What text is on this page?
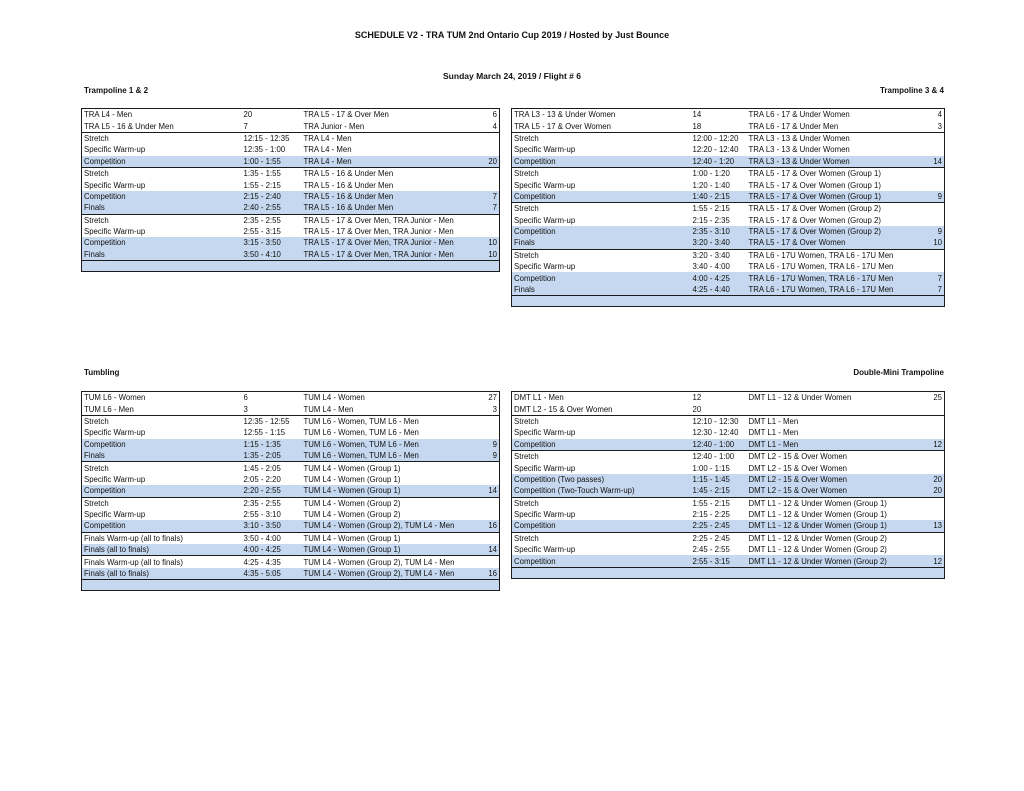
SCHEDULE V2 - TRA TUM 2nd Ontario Cup 2019 / Hosted by Just Bounce
Sunday March 24, 2019 / Flight # 6
Trampoline 1 & 2	Trampoline 3 & 4
Tumbling	Double-Mini Trampoline
TRA L4 - Men	20	TRA L5 - 17 & Over Men	6
TRA L5 - 16 & Under Men	7	TRA Junior - Men	4
Stretch	12:15 - 12:35	TRA L4 - Men	
Specific Warm-up	12:35 - 1:00	TRA L4 - Men	
Competition	1:00 - 1:55	TRA L4 - Men	20
Stretch	1:35 - 1:55	TRA L5 - 16 & Under Men	
Specific Warm-up	1:55 - 2:15	TRA L5 - 16 & Under Men	
Competition	2:15 - 2:40	TRA L5 - 16 & Under Men	7
Finals	2:40 - 2:55	TRA L5 - 16 & Under Men	7
Stretch	2:35 - 2:55	TRA L5 - 17 & Over Men, TRA Junior - Men	
Specific Warm-up	2:55 - 3:15	TRA L5 - 17 & Over Men, TRA Junior - Men	
Competition	3:15 - 3:50	TRA L5 - 17 & Over Men, TRA Junior - Men	10
Finals	3:50 - 4:10	TRA L5 - 17 & Over Men, TRA Junior - Men	10

TRA L3 - 13 & Under Women	14	TRA L6 - 17 & Under Women	4
TRA L5 - 17 & Over Women	18	TRA L6 - 17 & Under Men	3
Stretch	12:00 - 12:20	TRA L3 - 13 & Under Women	
Specific Warm-up	12:20 - 12:40	TRA L3 - 13 & Under Women	
Competition	12:40 - 1:20	TRA L3 - 13 & Under Women	14
Stretch	1:00 - 1:20	TRA L5 - 17 & Over Women (Group 1)	
Specific Warm-up	1:20 - 1:40	TRA L5 - 17 & Over Women (Group 1)	
Competition	1:40 - 2:15	TRA L5 - 17 & Over Women (Group 1)	9
Stretch	1:55 - 2:15	TRA L5 - 17 & Over Women (Group 2)	
Specific Warm-up	2:15 - 2:35	TRA L5 - 17 & Over Women (Group 2)	
Competition	2:35 - 3:10	TRA L5 - 17 & Over Women (Group 2)	9
Finals	3:20 - 3:40	TRA L5 - 17 & Over Women	10
Stretch	3:20 - 3:40	TRA L6 - 17U Women, TRA L6 - 17U Men	
Specific Warm-up	3:40 - 4:00	TRA L6 - 17U Women, TRA L6 - 17U Men	
Competition	4:00 - 4:25	TRA L6 - 17U Women, TRA L6 - 17U Men	7
Finals	4:25 - 4:40	TRA L6 - 17U Women, TRA L6 - 17U Men	7

TUM L6 - Women	6	TUM L4 - Women	27
TUM L6 - Men	3	TUM L4 - Men	3
Stretch	12:35 - 12:55	TUM L6 - Women, TUM L6 - Men	
Specific Warm-up	12:55 - 1:15	TUM L6 - Women, TUM L6 - Men	
Competition	1:15 - 1:35	TUM L6 - Women, TUM L6 - Men	9
Finals	1:35 - 2:05	TUM L6 - Women, TUM L6 - Men	9
Stretch	1:45 - 2:05	TUM L4 - Women (Group 1)	
Specific Warm-up	2:05 - 2:20	TUM L4 - Women (Group 1)	
Competition	2:20 - 2:55	TUM L4 - Women (Group 1)	14
Stretch	2:35 - 2:55	TUM L4 - Women (Group 2)	
Specific Warm-up	2:55 - 3:10	TUM L4 - Women (Group 2)	
Competition	3:10 - 3:50	TUM L4 - Women (Group 2), TUM L4 - Men	16
Finals Warm-up (all to finals)	3:50 - 4:00	TUM L4 - Women (Group 1)	
Finals (all to finals)	4:00 - 4:25	TUM L4 - Women (Group 1)	14
Finals Warm-up (all to finals)	4:25 - 4:35	TUM L4 - Women (Group 2), TUM L4 - Men	
Finals (all to finals)	4:35 - 5:05	TUM L4 - Women (Group 2), TUM L4 - Men	16

DMT L1 - Men	12	DMT L1 - 12 & Under Women	25
DMT L2 - 15 & Over Women	20		
Stretch	12:10 - 12:30	DMT L1 - Men	
Specific Warm-up	12:30 - 12:40	DMT L1 - Men	
Competition	12:40 - 1:00	DMT L1 - Men	12
Stretch	12:40 - 1:00	DMT L2 - 15 & Over Women	
Specific Warm-up	1:00 - 1:15	DMT L2 - 15 & Over Women	
Competition (Two passes)	1:15 - 1:45	DMT L2 - 15 & Over Women	20
Competition (Two-Touch Warm-up)	1:45 - 2:15	DMT L2 - 15 & Over Women	20
Stretch	1:55 - 2:15	DMT L1 - 12 & Under Women (Group 1)	
Specific Warm-up	2:15 - 2:25	DMT L1 - 12 & Under Women (Group 1)	
Competition	2:25 - 2:45	DMT L1 - 12 & Under Women (Group 1)	13
Stretch	2:25 - 2:45	DMT L1 - 12 & Under Women (Group 2)	
Specific Warm-up	2:45 - 2:55	DMT L1 - 12 & Under Women (Group 2)	
Competition	2:55 - 3:15	DMT L1 - 12 & Under Women (Group 2)	12
